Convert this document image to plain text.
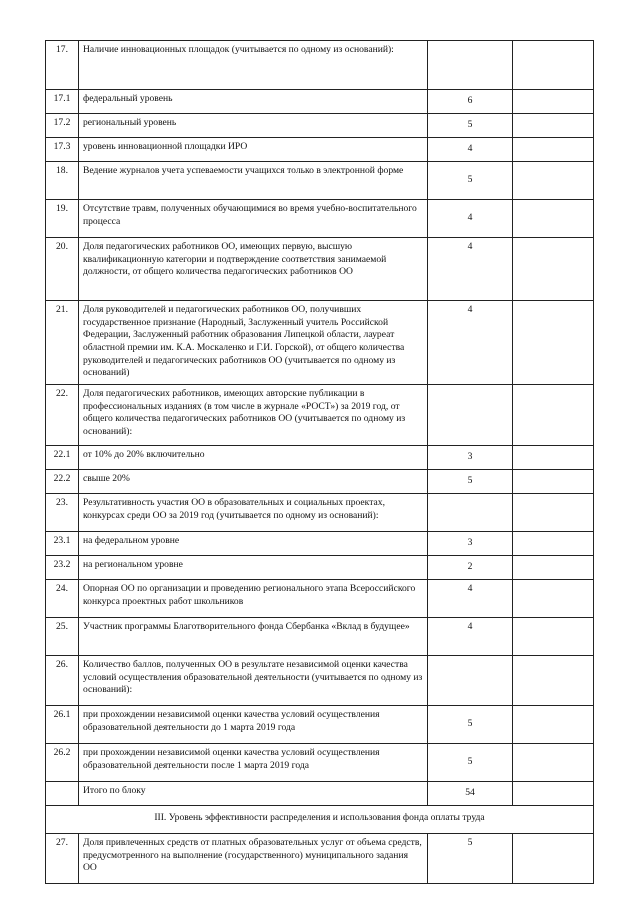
17.	Наличие инновационных площадок (учитывается по одному из оснований):		
17.1	федеральный уровень	6	
17.2	региональный уровень	5	
17.3	уровень инновационной площадки ИРО	4	
18.	Ведение журналов учета успеваемости учащихся только в электронной форме	5	
19.	Отсутствие травм, полученных обучающимися во время учебно-воспитательного процесса	4	
20.	Доля педагогических работников ОО, имеющих первую, высшую квалификационную категории и подтверждение соответствия занимаемой должности, от общего количества педагогических работников ОО	4	
21.	Доля руководителей и педагогических работников ОО, получивших государственное признание (Народный, Заслуженный учитель Российской Федерации, Заслуженный работник образования Липецкой области, лауреат областной премии им. К.А. Москаленко и Г.И. Горской), от общего количества руководителей и педагогических работников ОО (учитывается по одному из оснований)	4	
22.	Доля педагогических работников, имеющих авторские публикации в профессиональных изданиях (в том числе в журнале «РОСТ») за 2019 год, от общего количества педагогических работников ОО (учитывается по одному из оснований):		
22.1	от 10% до 20% включительно	3	
22.2	свыше 20%	5	
23.	Результативность участия ОО в образовательных и социальных проектах, конкурсах среди ОО за 2019 год (учитывается по одному из оснований):		
23.1	на федеральном уровне	3	
23.2	на региональном уровне	2	
24.	Опорная ОО по организации и проведению регионального этапа Всероссийского конкурса проектных работ школьников	4	
25.	Участник программы Благотворительного фонда Сбербанка «Вклад в будущее»	4	
26.	Количество баллов, полученных ОО в результате независимой оценки качества условий осуществления образовательной деятельности (учитывается по одному из оснований):		
26.1	при прохождении независимой оценки качества условий осуществления образовательной деятельности до 1 марта 2019 года	5	
26.2	при прохождении независимой оценки качества условий осуществления образовательной деятельности после 1 марта 2019 года	5	
	Итого по блоку	54	
III. Уровень эффективности распределения и использования фонда оплаты труда			
27.	Доля привлеченных средств от платных образовательных услуг от объема средств, предусмотренного на выполнение (государственного) муниципального задания ОО	5	
